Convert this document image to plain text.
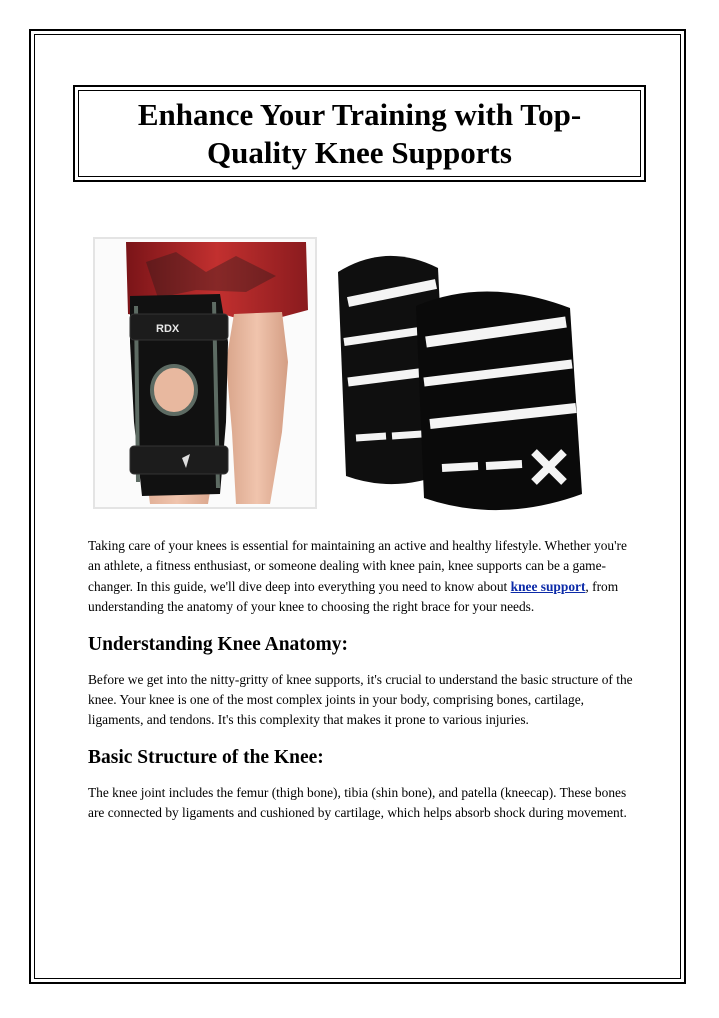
Enhance Your Training with Top-Quality Knee Supports
RDX

Taking care of your knees is essential for maintaining an active and healthy lifestyle. Whether you're an athlete, a fitness enthusiast, or someone dealing with knee pain, knee supports can be a game-changer. In this guide, we'll dive deep into everything you need to know about knee support, from understanding the anatomy of your knee to choosing the right brace for your needs.

Understanding Knee Anatomy:

Before we get into the nitty-gritty of knee supports, it's crucial to understand the basic structure of the knee. Your knee is one of the most complex joints in your body, comprising bones, cartilage, ligaments, and tendons. It's this complexity that makes it prone to various injuries.

Basic Structure of the Knee:

The knee joint includes the femur (thigh bone), tibia (shin bone), and patella (kneecap). These bones are connected by ligaments and cushioned by cartilage, which helps absorb shock during movement.
